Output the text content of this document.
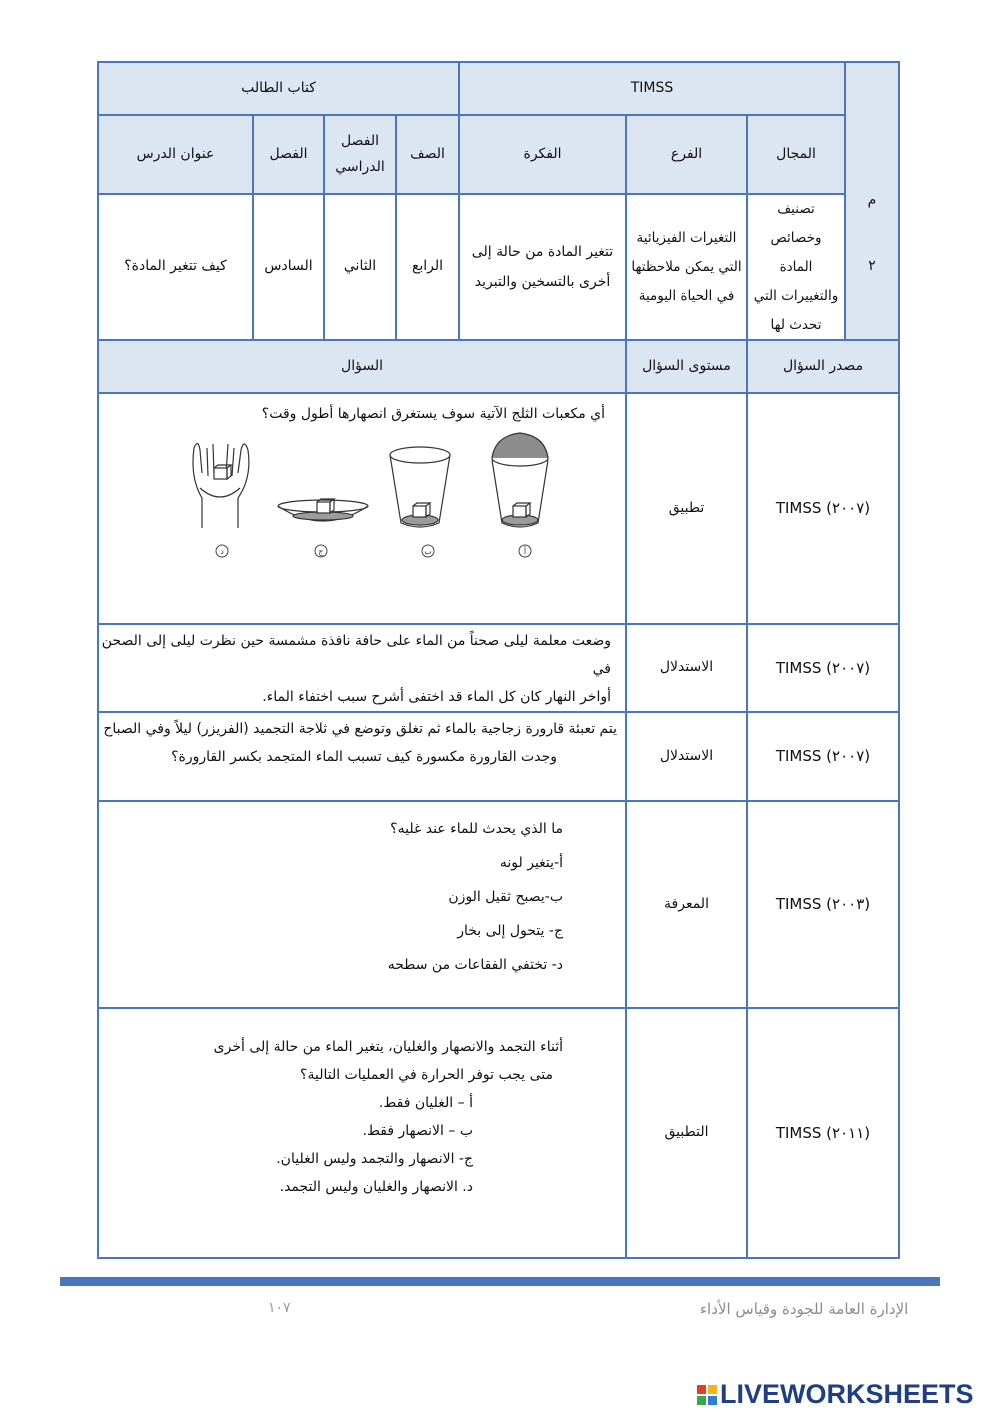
كتاب الطالب	TIMSS
م
المجال
الفرع
الفكرة
الصف
الفصل الدراسي
الفصل
عنوان الدرس
٢
تصنيف وخصائص المادة والتغييرات التي تحدث لها
التغيرات الفيزيائية التي يمكن ملاحظتها في الحياة اليومية
تتغير المادة من حالة إلى أخرى بالتسخين والتبريد
الرابع
الثاني
السادس
كيف تتغير المادة؟
مصدر السؤال
مستوى السؤال
السؤال
TIMSS (٢٠٠٧)
تطبيق
أي مكعبات الثلج الآتية سوف يستغرق انصهارها أطول وقت؟
أ
ب
ج
د
TIMSS (٢٠٠٧)
الاستدلال
وضعت معلمة ليلى صحناً من الماء على حافة نافذة مشمسة حين نظرت ليلى إلى الصحن في
أواخر النهار كان كل الماء قد اختفى أشرح سبب اختفاء الماء.
TIMSS (٢٠٠٧)
الاستدلال
يتم تعبئة قارورة زجاجية بالماء ثم تغلق وتوضع في ثلاجة التجميد (الفريزر) ليلاً وفي الصباح
وجدت القارورة مكسورة كيف تسبب الماء المتجمد بكسر القارورة؟
TIMSS (٢٠٠٣)
المعرفة
ما الذي يحدث للماء عند غليه؟
أ-يتغير لونه
ب-يصبح ثقيل الوزن
ج- يتحول إلى بخار
د- تختفي الفقاعات من سطحه
TIMSS (٢٠١١)
التطبيق
أثناء التجمد والانصهار والغليان، يتغير الماء من حالة إلى أخرى
متى يجب توفر الحرارة في العمليات التالية؟
أ – الغليان فقط.
ب – الانصهار فقط.
ج- الانصهار والتجمد وليس الغليان.
د. الانصهار والغليان وليس التجمد.
١٠٧	الإدارة العامة للجودة وقياس الأداء
LIVEWORKSHEETS
